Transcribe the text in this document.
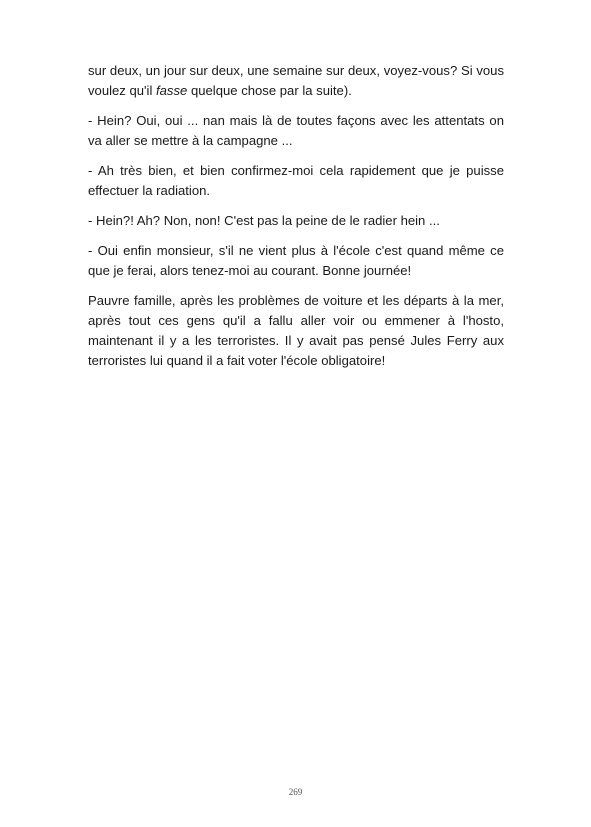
sur deux, un jour sur deux, une semaine sur deux, voyez-vous? Si vous voulez qu'il fasse quelque chose par la suite).

- Hein? Oui, oui ... nan mais là de toutes façons avec les attentats on va aller se mettre à la campagne ...

- Ah très bien, et bien confirmez-moi cela rapidement que je puisse effectuer la radiation.

- Hein?! Ah? Non, non! C'est pas la peine de le radier hein ...

- Oui enfin monsieur, s'il ne vient plus à l'école c'est quand même ce que je ferai, alors tenez-moi au courant. Bonne journée!

Pauvre famille, après les problèmes de voiture et les départs à la mer, après tout ces gens qu'il a fallu aller voir ou emmener à l'hosto, maintenant il y a les terroristes. Il y avait pas pensé Jules Ferry aux terroristes lui quand il a fait voter l'école obligatoire!

269
